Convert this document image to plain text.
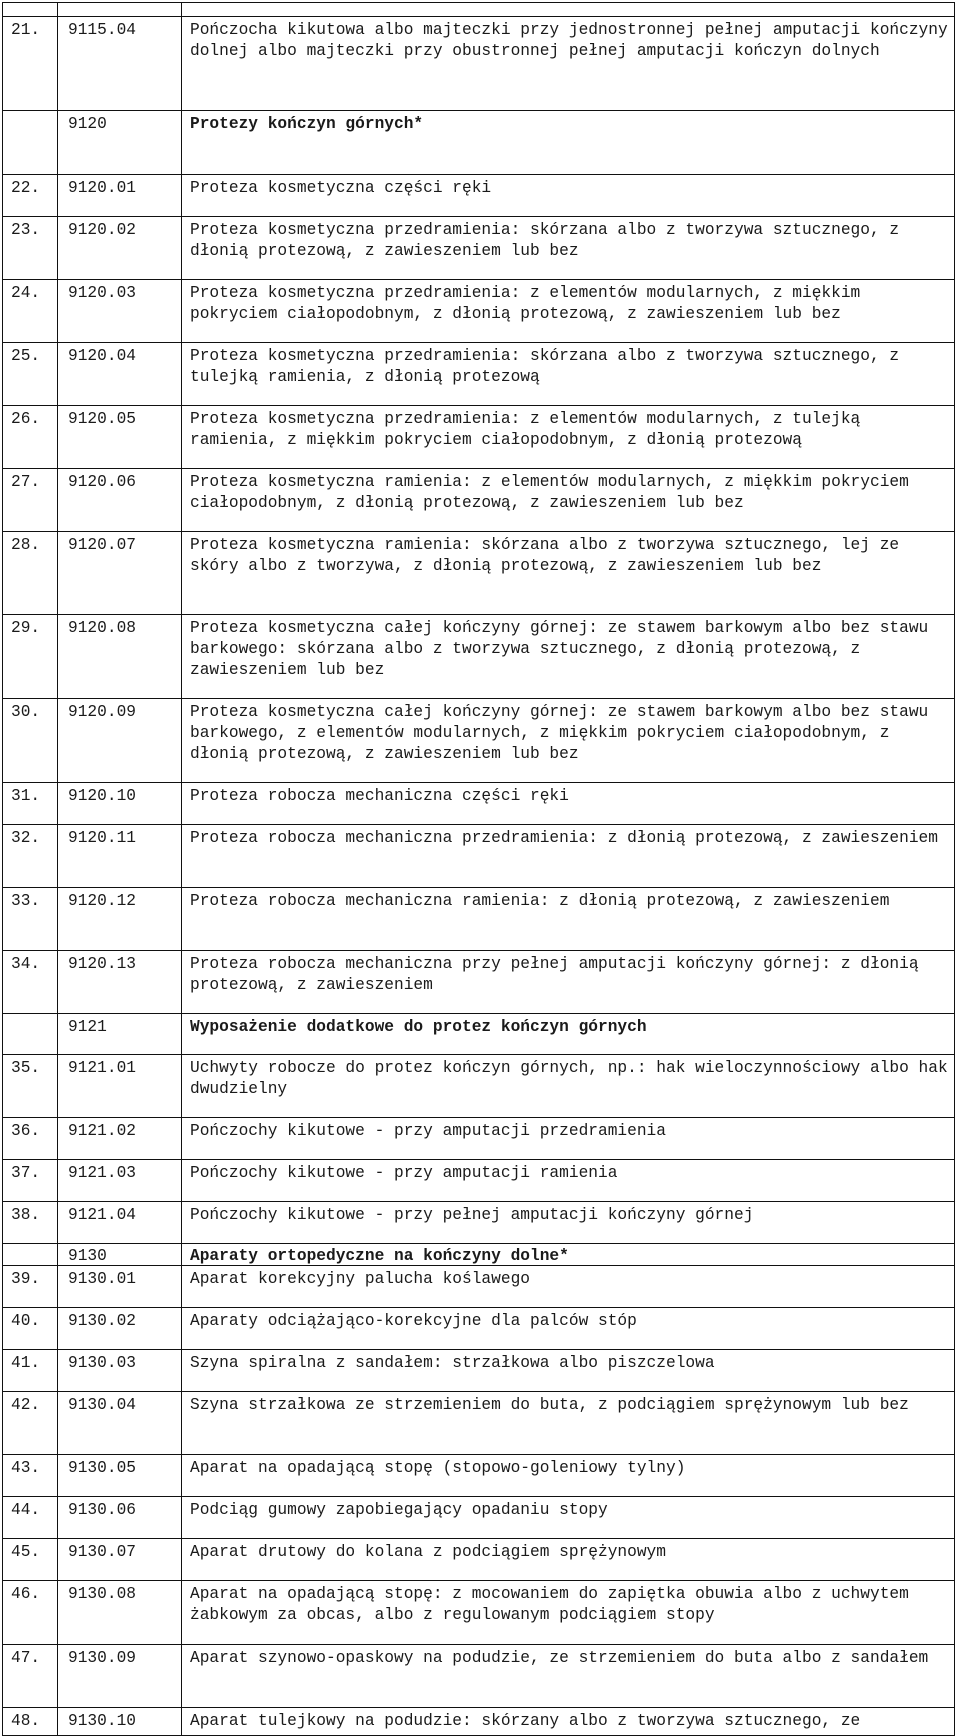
21.	9115.04	Pończocha kikutowa albo majteczki przy jednostronnej pełnej amputacji kończyny dolnej albo majteczki przy obustronnej pełnej amputacji kończyn dolnych
	9120	Protezy kończyn górnych*
22.	9120.01	Proteza kosmetyczna części ręki
23.	9120.02	Proteza kosmetyczna przedramienia: skórzana albo z tworzywa sztucznego, z dłonią protezową, z zawieszeniem lub bez
24.	9120.03	Proteza kosmetyczna przedramienia: z elementów modularnych, z miękkim pokryciem ciałopodobnym, z dłonią protezową, z zawieszeniem lub bez
25.	9120.04	Proteza kosmetyczna przedramienia: skórzana albo z tworzywa sztucznego, z tulejką ramienia, z dłonią protezową
26.	9120.05	Proteza kosmetyczna przedramienia: z elementów modularnych, z tulejką ramienia, z miękkim pokryciem ciałopodobnym, z dłonią protezową
27.	9120.06	Proteza kosmetyczna ramienia: z elementów modularnych, z miękkim pokryciem ciałopodobnym, z dłonią protezową, z zawieszeniem lub bez
28.	9120.07	Proteza kosmetyczna ramienia: skórzana albo z tworzywa sztucznego, lej ze skóry albo z tworzywa, z dłonią protezową, z zawieszeniem lub bez
29.	9120.08	Proteza kosmetyczna całej kończyny górnej: ze stawem barkowym albo bez stawu barkowego: skórzana albo z tworzywa sztucznego, z dłonią protezową, z zawieszeniem lub bez
30.	9120.09	Proteza kosmetyczna całej kończyny górnej: ze stawem barkowym albo bez stawu barkowego, z elementów modularnych, z miękkim pokryciem ciałopodobnym, z dłonią protezową, z zawieszeniem lub bez
31.	9120.10	Proteza robocza mechaniczna części ręki
32.	9120.11	Proteza robocza mechaniczna przedramienia: z dłonią protezową, z zawieszeniem
33.	9120.12	Proteza robocza mechaniczna ramienia: z dłonią protezową, z zawieszeniem
34.	9120.13	Proteza robocza mechaniczna przy pełnej amputacji kończyny górnej: z dłonią protezową, z zawieszeniem
	9121	Wyposażenie dodatkowe do protez kończyn górnych
35.	9121.01	Uchwyty robocze do protez kończyn górnych, np.: hak wieloczynnościowy albo hak dwudzielny
36.	9121.02	Pończochy kikutowe - przy amputacji przedramienia
37.	9121.03	Pończochy kikutowe - przy amputacji ramienia
38.	9121.04	Pończochy kikutowe - przy pełnej amputacji kończyny górnej
	9130	Aparaty ortopedyczne na kończyny dolne*
39.	9130.01	Aparat korekcyjny palucha koślawego
40.	9130.02	Aparaty odciążająco-korekcyjne dla palców stóp
41.	9130.03	Szyna spiralna z sandałem: strzałkowa albo piszczelowa
42.	9130.04	Szyna strzałkowa ze strzemieniem do buta, z podciągiem sprężynowym lub bez
43.	9130.05	Aparat na opadającą stopę (stopowo-goleniowy tylny)
44.	9130.06	Podciąg gumowy zapobiegający opadaniu stopy
45.	9130.07	Aparat drutowy do kolana z podciągiem sprężynowym
46.	9130.08	Aparat na opadającą stopę: z mocowaniem do zapiętka obuwia albo z uchwytem żabkowym za obcas, albo z regulowanym podciągiem stopy
47.	9130.09	Aparat szynowo-opaskowy na podudzie, ze strzemieniem do buta albo z sandałem
48.	9130.10	Aparat tulejkowy na podudzie: skórzany albo z tworzywa sztucznego, ze
